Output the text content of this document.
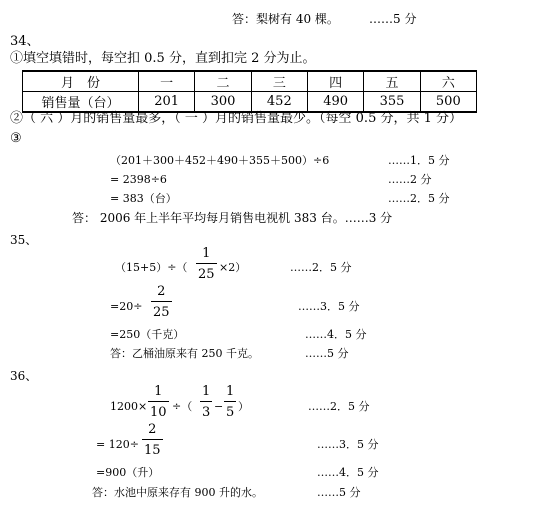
答：梨树有 40 棵。	……5 分
34、
①填空填错时，每空扣 0.5 分，直到扣完 2 分为止。
月　份	一	二	三	四	五	六
销售量（台）	201	300	452	490	355	500
②（ 六 ）月的销售量最多，（ 一 ）月的销售量最少。（每空 0.5 分，共 1 分）
③
（201＋300＋452＋490＋355＋500）÷6	……1．5 分
= 2398÷6	……2 分
= 383（台）	……2．5 分
答： 2006 年上半年平均每月销售电视机 383 台。……3 分
35、
（15+5）÷（
1
25 ×2）	……2．5 分
=20÷
2
25	……3．5 分
=250（千克）	……4．5 分
答：乙桶油原来有 250 千克。	……5 分
36、
1200×
1
10 ÷（
1
3 −
1
5 ）	……2．5 分
= 120÷
2
15	……3．5 分
=900（升）	……4．5 分
答：水池中原来存有 900 升的水。	……5 分
